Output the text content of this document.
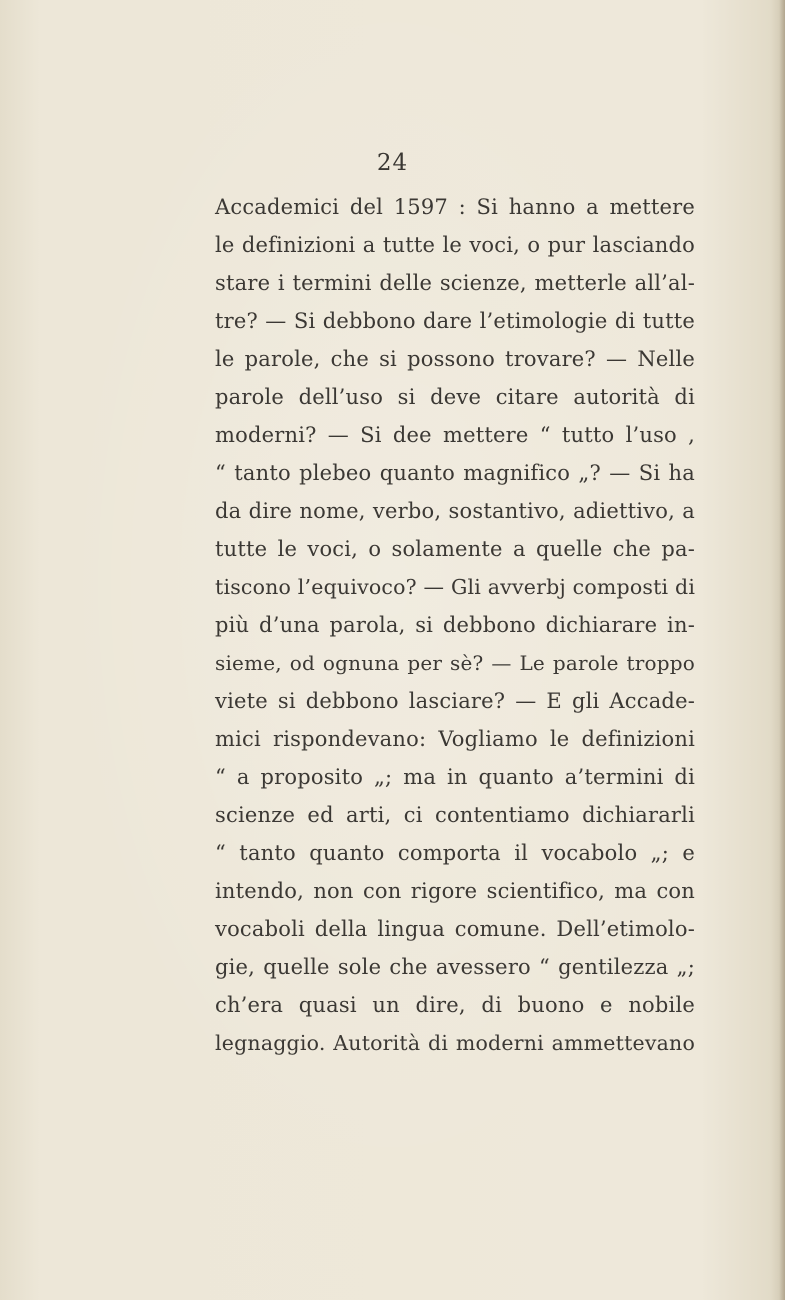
24
Accademici del 1597 : Si hanno a mettere
le definizioni a tutte le voci, o pur lasciando
stare i termini delle scienze, metterle all’al-
tre? — Si debbono dare l’etimologie di tutte
le parole, che si possono trovare? — Nelle
parole dell’uso si deve citare autorità di
moderni? — Si dee mettere “ tutto l’uso ,
“ tanto plebeo quanto magnifico „? — Si ha
da dire nome, verbo, sostantivo, adiettivo, a
tutte le voci, o solamente a quelle che pa-
tiscono l’equivoco? — Gli avverbj composti di
più d’una parola, si debbono dichiarare in-
sieme, od ognuna per sè? — Le parole troppo
viete si debbono lasciare? — E gli Accade-
mici rispondevano: Vogliamo le definizioni
“ a proposito „; ma in quanto a’termini di
scienze ed arti, ci contentiamo dichiararli
“ tanto quanto comporta il vocabolo „; e
intendo, non con rigore scientifico, ma con
vocaboli della lingua comune. Dell’etimolo-
gie, quelle sole che avessero “ gentilezza „;
ch’era quasi un dire, di buono e nobile
legnaggio. Autorità di moderni ammettevano
